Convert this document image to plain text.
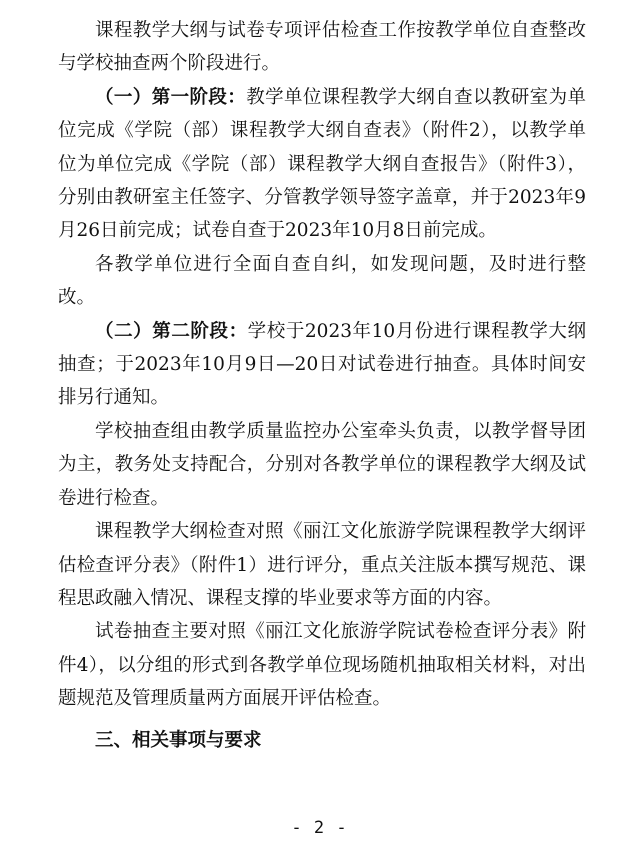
课程教学大纲与试卷专项评估检查工作按教学单位自查整改与学校抽查两个阶段进行。

（一）第一阶段：教学单位课程教学大纲自查以教研室为单位完成《学院（部）课程教学大纲自查表》（附件2），以教学单位为单位完成《学院（部）课程教学大纲自查报告》（附件3），分别由教研室主任签字、分管教学领导签字盖章，并于2023年9月26日前完成；试卷自查于2023年10月8日前完成。

各教学单位进行全面自查自纠，如发现问题，及时进行整改。

（二）第二阶段：学校于2023年10月份进行课程教学大纲抽查；于2023年10月9日—20日对试卷进行抽查。具体时间安排另行通知。

学校抽查组由教学质量监控办公室牵头负责，以教学督导团为主，教务处支持配合，分别对各教学单位的课程教学大纲及试卷进行检查。

课程教学大纲检查对照《丽江文化旅游学院课程教学大纲评估检查评分表》（附件1）进行评分，重点关注版本撰写规范、课程思政融入情况、课程支撑的毕业要求等方面的内容。

试卷抽查主要对照《丽江文化旅游学院试卷检查评分表》附件4），以分组的形式到各教学单位现场随机抽取相关材料，对出题规范及管理质量两方面展开评估检查。

三、相关事项与要求

- 2 -
